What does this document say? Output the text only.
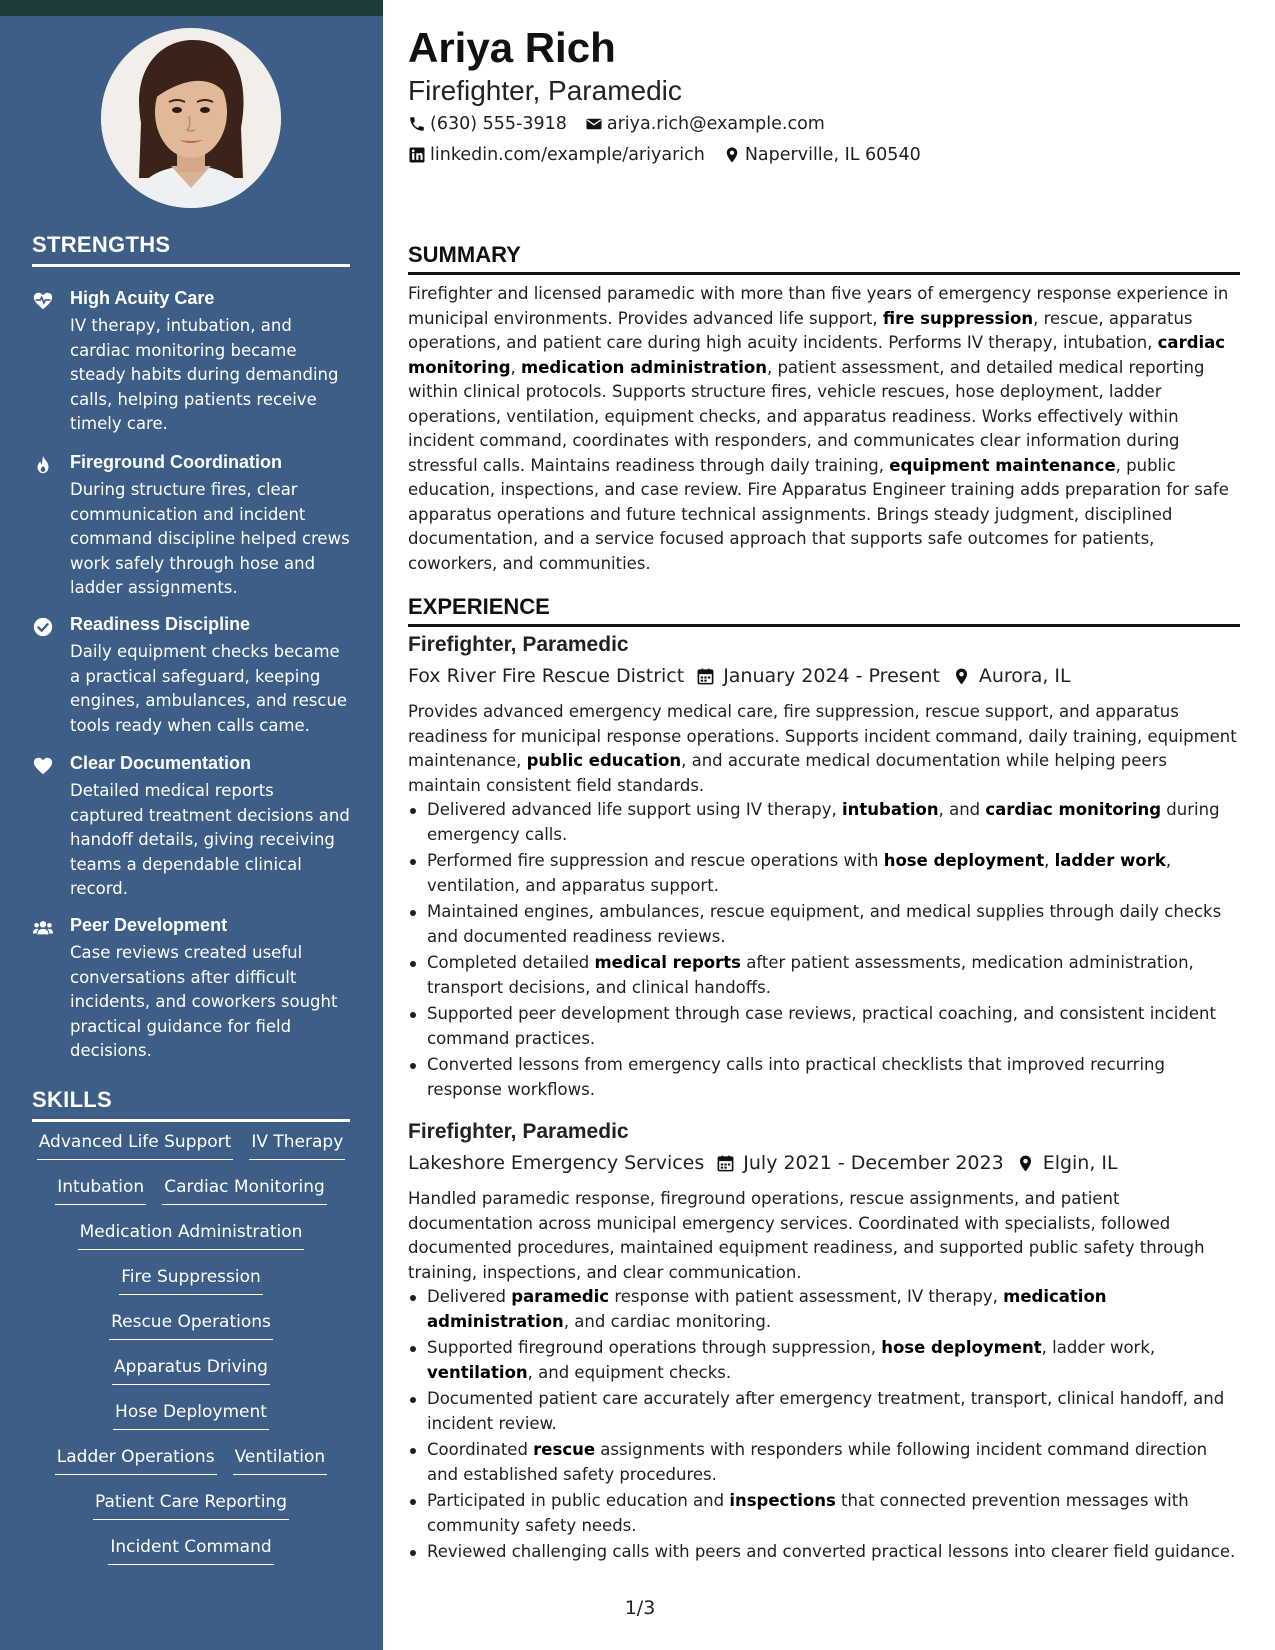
STRENGTHS
High Acuity Care
IV therapy, intubation, and cardiac monitoring became steady habits during demanding calls, helping patients receive timely care.
Fireground Coordination
During structure fires, clear communication and incident command discipline helped crews work safely through hose and ladder assignments.
Readiness Discipline
Daily equipment checks became a practical safeguard, keeping engines, ambulances, and rescue tools ready when calls came.
Clear Documentation
Detailed medical reports captured treatment decisions and handoff details, giving receiving teams a dependable clinical record.
Peer Development
Case reviews created useful conversations after difficult incidents, and coworkers sought practical guidance for field decisions.
SKILLS
Advanced Life Support IV Therapy
Intubation Cardiac Monitoring
Medication Administration
Fire Suppression
Rescue Operations
Apparatus Driving
Hose Deployment
Ladder Operations Ventilation
Patient Care Reporting
Incident Command
Ariya Rich
Firefighter, Paramedic
(630) 555-3918 ariya.rich@example.com
linkedin.com/example/ariyarich Naperville, IL 60540
SUMMARY
Firefighter and licensed paramedic with more than five years of emergency response experience in municipal environments. Provides advanced life support, fire suppression, rescue, apparatus operations, and patient care during high acuity incidents. Performs IV therapy, intubation, cardiac monitoring, medication administration, patient assessment, and detailed medical reporting within clinical protocols. Supports structure fires, vehicle rescues, hose deployment, ladder operations, ventilation, equipment checks, and apparatus readiness. Works effectively within incident command, coordinates with responders, and communicates clear information during stressful calls. Maintains readiness through daily training, equipment maintenance, public education, inspections, and case review. Fire Apparatus Engineer training adds preparation for safe apparatus operations and future technical assignments. Brings steady judgment, disciplined documentation, and a service focused approach that supports safe outcomes for patients, coworkers, and communities.
EXPERIENCE
Firefighter, Paramedic
Fox River Fire Rescue District January 2024 - Present Aurora, IL
Provides advanced emergency medical care, fire suppression, rescue support, and apparatus readiness for municipal response operations. Supports incident command, daily training, equipment maintenance, public education, and accurate medical documentation while helping peers maintain consistent field standards.
Delivered advanced life support using IV therapy, intubation, and cardiac monitoring during emergency calls.
Performed fire suppression and rescue operations with hose deployment, ladder work, ventilation, and apparatus support.
Maintained engines, ambulances, rescue equipment, and medical supplies through daily checks and documented readiness reviews.
Completed detailed medical reports after patient assessments, medication administration, transport decisions, and clinical handoffs.
Supported peer development through case reviews, practical coaching, and consistent incident command practices.
Converted lessons from emergency calls into practical checklists that improved recurring response workflows.
Firefighter, Paramedic
Lakeshore Emergency Services July 2021 - December 2023 Elgin, IL
Handled paramedic response, fireground operations, rescue assignments, and patient documentation across municipal emergency services. Coordinated with specialists, followed documented procedures, maintained equipment readiness, and supported public safety through training, inspections, and clear communication.
Delivered paramedic response with patient assessment, IV therapy, medication administration, and cardiac monitoring.
Supported fireground operations through suppression, hose deployment, ladder work, ventilation, and equipment checks.
Documented patient care accurately after emergency treatment, transport, clinical handoff, and incident review.
Coordinated rescue assignments with responders while following incident command direction and established safety procedures.
Participated in public education and inspections that connected prevention messages with community safety needs.
Reviewed challenging calls with peers and converted practical lessons into clearer field guidance.
1/3
